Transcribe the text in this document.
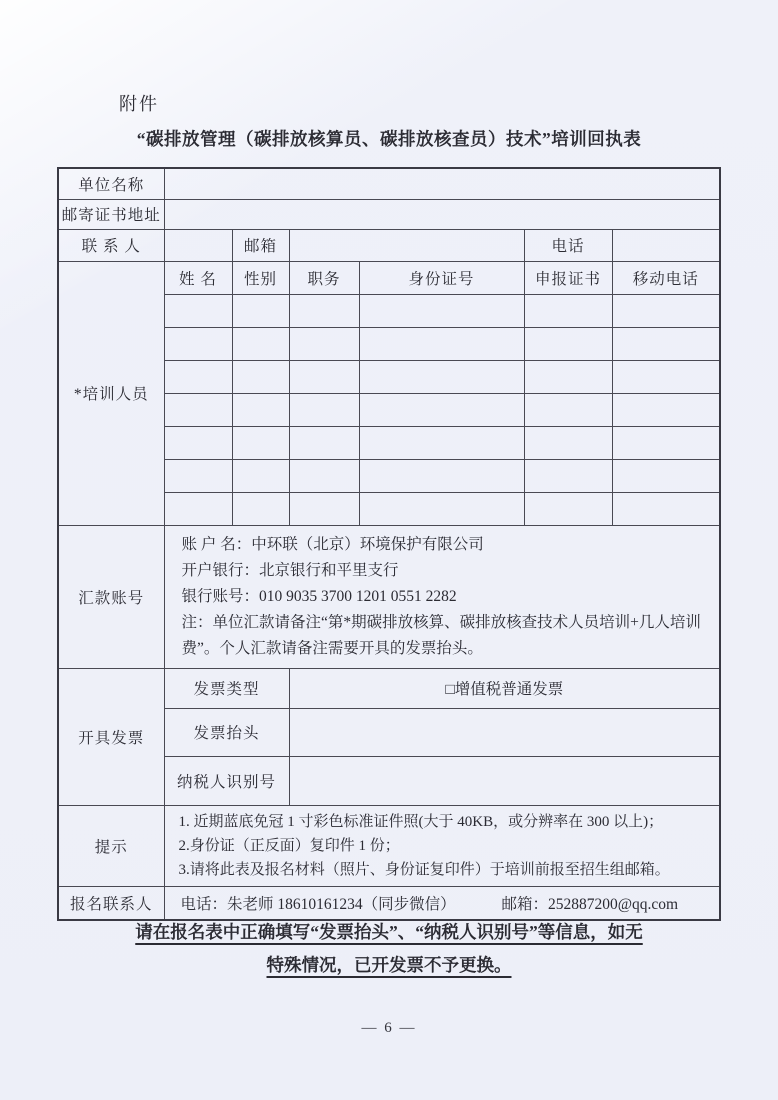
附件
“碳排放管理（碳排放核算员、碳排放核查员）技术”培训回执表
单位名称						
邮寄证书地址						
联 系 人		邮箱			电话	
*培训人员	姓 名	性别	职务	身份证号	申报证书	移动电话

汇款账号	账 户 名：中环联（北京）环境保护有限公司
开户银行：北京银行和平里支行
银行账号：010 9035 3700 1201 0551 2282
注：单位汇款请备注“第*期碳排放核算、碳排放核查技术人员培训+几人培训费”。个人汇款请备注需要开具的发票抬头。					

开具发票	发票类型		□增值税普通发票			
	发票抬头					
	纳税人识别号					
提示	1. 近期蓝底免冠 1 寸彩色标准证件照(大于 40KB，或分辨率在 300 以上)；
2.身份证（正反面）复印件 1 份；
3.请将此表及报名材料（照片、身份证复印件）于培训前报至招生组邮箱。					

报名联系人	电话：朱老师 18610161234（同步微信） 邮箱：252887200@qq.com					
请在报名表中正确填写“发票抬头”、“纳税人识别号”等信息，如无
特殊情况，已开发票不予更换。
— 6 —
